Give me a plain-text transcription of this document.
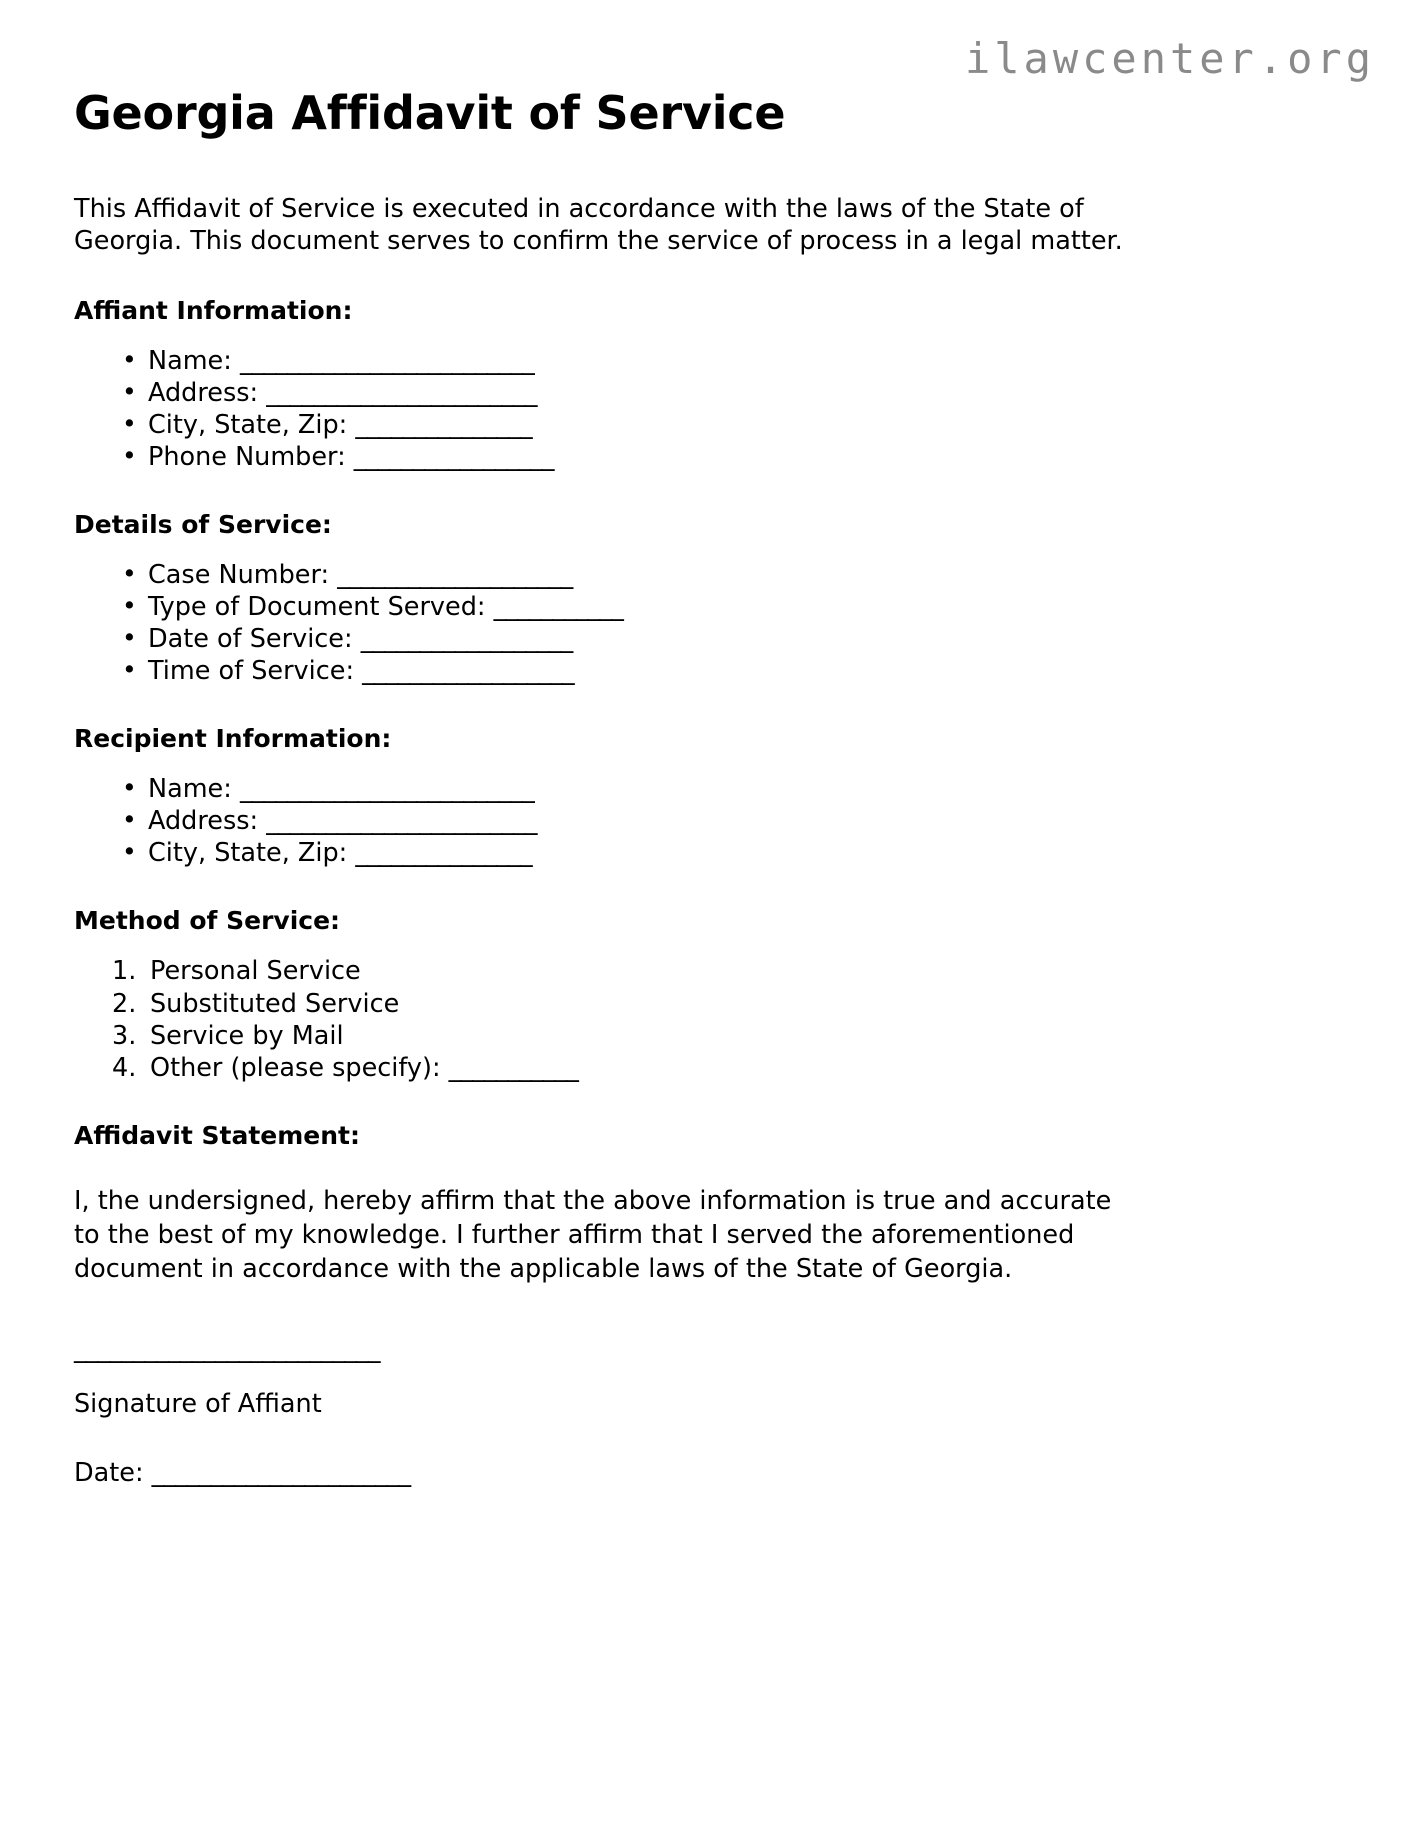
ilawcenter.org
Georgia Affidavit of Service

This Affidavit of Service is executed in accordance with the laws of the State of Georgia. This document serves to confirm the service of process in a legal matter.

Affiant Information:
• Name: _________________________
• Address: _______________________
• City, State, Zip: _______________
• Phone Number: _________________
Details of Service:
• Case Number: ____________________
• Type of Document Served: ___________
• Date of Service: __________________
• Time of Service: __________________
Recipient Information:
• Name: _________________________
• Address: _______________________
• City, State, Zip: _______________
Method of Service:
Personal Service
Substituted Service
Service by Mail
Other (please specify): ___________
Affidavit Statement:

I, the undersigned, hereby affirm that the above information is true and accurate to the best of my knowledge. I further affirm that I served the aforementioned document in accordance with the applicable laws of the State of Georgia.

__________________________

Signature of Affiant

Date: ______________________
